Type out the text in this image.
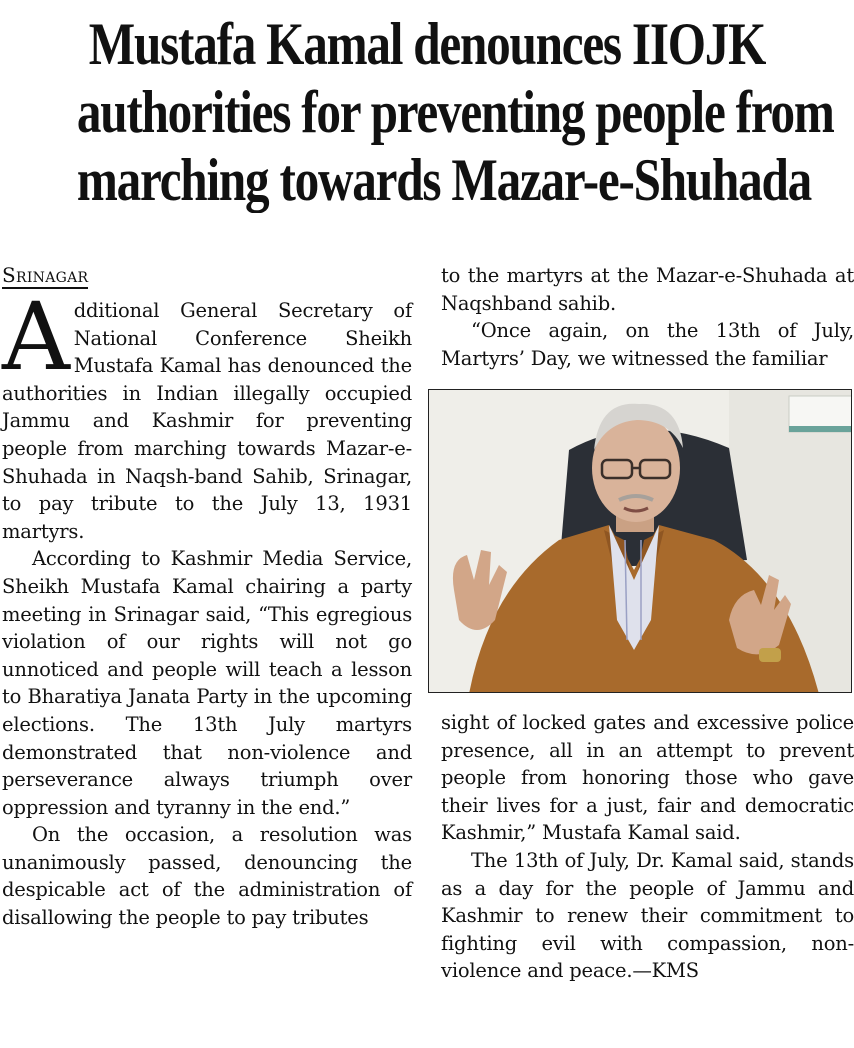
Mustafa Kamal denounces IIOJK
authorities for preventing people from
marching towards Mazar-e-Shuhada
Srinagar

Additional General Secretary of National Conference Sheikh Mustafa Kamal has denounced the authorities in Indian illegally occupied Jammu and Kashmir for preventing people from marching towards Mazar-e-Shuhada in Naqsh-band Sahib, Srinagar, to pay tribute to the July 13, 1931 martyrs.

According to Kashmir Media Service, Sheikh Mustafa Kamal chairing a party meeting in Srinagar said, “This egregious violation of our rights will not go unnoticed and people will teach a lesson to Bharatiya Janata Party in the upcoming elections. The 13th July martyrs demonstrated that non-violence and perseverance always triumph over oppression and tyranny in the end.”

On the occasion, a resolution was unanimously passed, denouncing the despicable act of the administration of disallowing the people to pay tributes

to the martyrs at the Mazar-e-Shuhada at Naqshband sahib.

“Once again, on the 13th of July, Martyrs’ Day, we witnessed the familiar

sight of locked gates and excessive police presence, all in an attempt to prevent people from honoring those who gave their lives for a just, fair and democratic Kashmir,” Mustafa Kamal said.

The 13th of July, Dr. Kamal said, stands as a day for the people of Jammu and Kashmir to renew their commitment to fighting evil with compassion, non-violence and peace.—KMS
